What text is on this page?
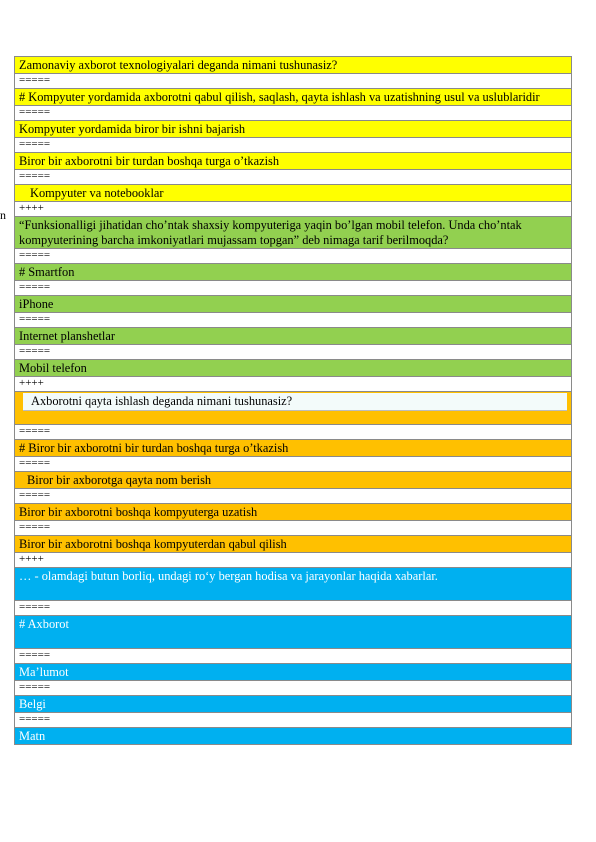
n
Zamonaviy axborot texnologiyalari deganda nimani tushunasiz?
=====
# Kompyuter yordamida axborotni qabul qilish, saqlash, qayta ishlash va uzatishning usul va uslublaridir
=====
Kompyuter yordamida biror bir ishni bajarish
=====
Biror bir axborotni bir turdan boshqa turga o’tkazish
=====
Kompyuter va notebooklar
++++
“Funksionalligi jihatidan cho’ntak shaxsiy kompyuteriga yaqin bo’lgan mobil telefon. Unda cho’ntak kompyuterining barcha imkoniyatlari mujassam topgan” deb nimaga tarif berilmoqda?
=====
# Smartfon
=====
iPhone
=====
Internet planshetlar
=====
Mobil telefon
++++

Axborotni qayta ishlash deganda nimani tushunasiz?

=====
# Biror bir axborotni bir turdan boshqa turga o’tkazish
=====
Biror bir axborotga qayta nom berish
=====
Biror bir axborotni boshqa kompyuterga uzatish
=====
Biror bir axborotni boshqa kompyuterdan qabul qilish
++++
… - olamdagi butun borliq, undagi ro‘y bergan hodisa va jarayonlar haqida xabarlar.
=====
# Axborot
=====
Ma’lumot
=====
Belgi
=====
Matn
